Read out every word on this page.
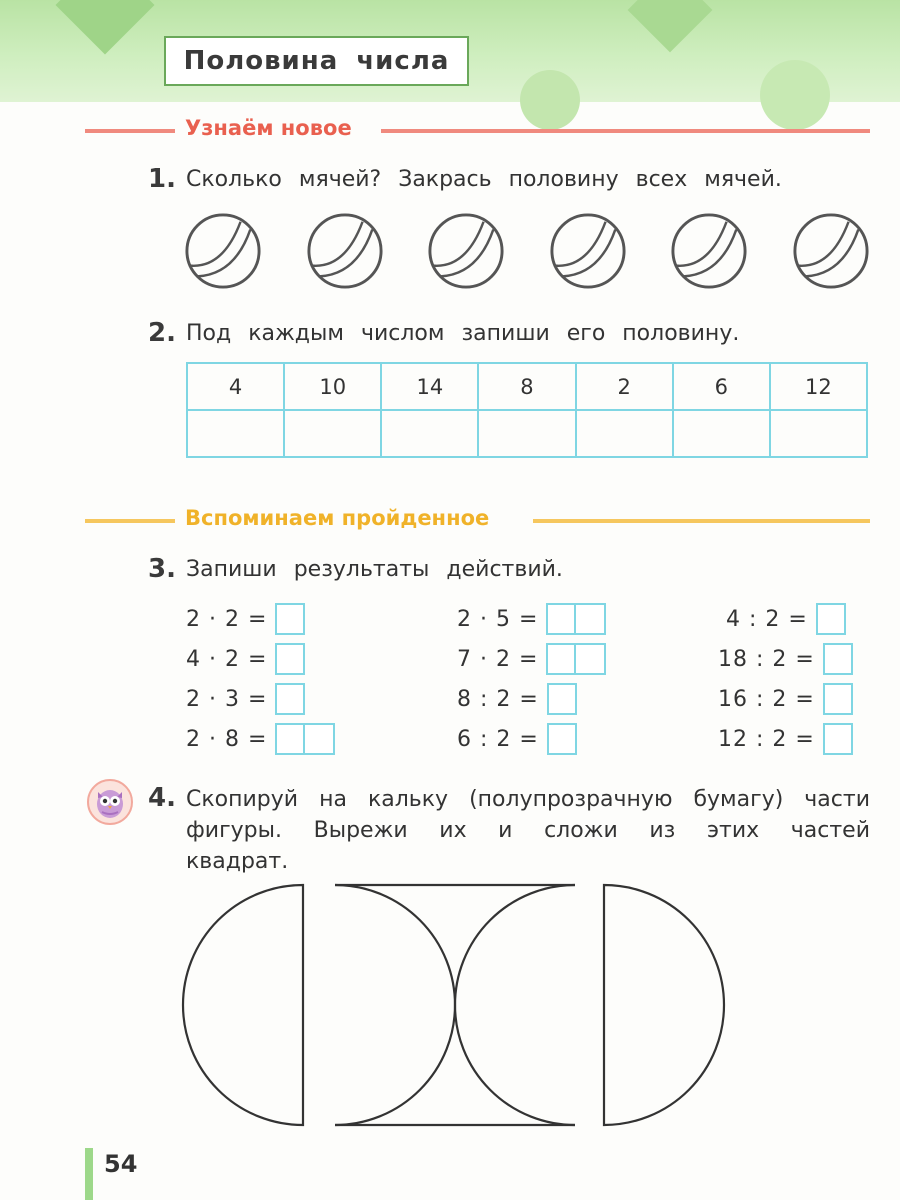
Половина числа
Узнаём новое
1. Сколько мячей? Закрась половину всех мячей.
2. Под каждым числом запиши его половину.
4	10	14	8	2	6	12

Вспоминаем пройденное
3. Запиши результаты действий.
2 · 2 =
4 · 2 =
2 · 3 =
2 · 8 =
2 · 5 =
7 · 2 =
8 : 2 =
6 : 2 =
4 : 2 =
18 : 2 =
16 : 2 =
12 : 2 =
4. Скопируй на кальку (полупрозрачную бумагу) части фигуры. Вырежи их и сложи из этих частей квадрат.
54
